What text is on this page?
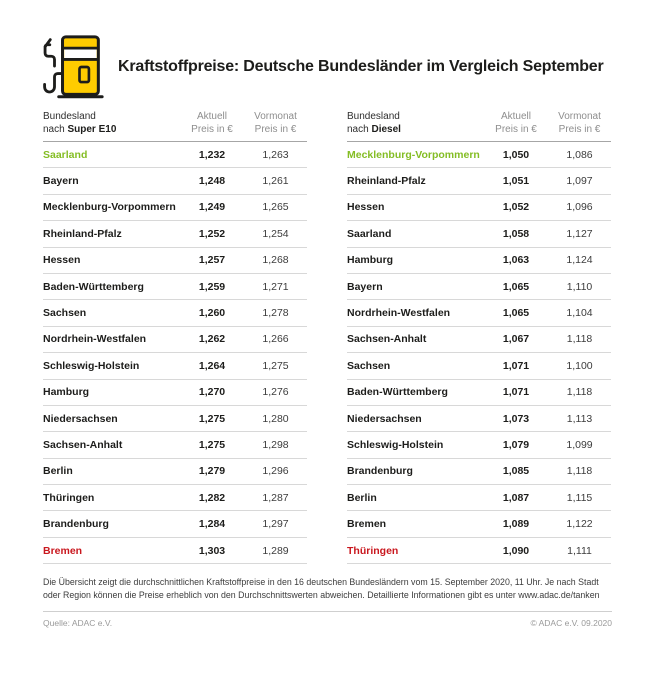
Kraftstoffpreise: Deutsche Bundesländer im Vergleich September
Bundesland
nach Super E10
Aktuell
Preis in €
Vormonat
Preis in €
Saarland	1,232	1,263
Bayern	1,248	1,261
Mecklenburg-Vorpommern	1,249	1,265
Rheinland-Pfalz	1,252	1,254
Hessen	1,257	1,268
Baden-Württemberg	1,259	1,271
Sachsen	1,260	1,278
Nordrhein-Westfalen	1,262	1,266
Schleswig-Holstein	1,264	1,275
Hamburg	1,270	1,276
Niedersachsen	1,275	1,280
Sachsen-Anhalt	1,275	1,298
Berlin	1,279	1,296
Thüringen	1,282	1,287
Brandenburg	1,284	1,297
Bremen	1,303	1,289
Bundesland
nach Diesel
Aktuell
Preis in €
Vormonat
Preis in €
Mecklenburg-Vorpommern	1,050	1,086
Rheinland-Pfalz	1,051	1,097
Hessen	1,052	1,096
Saarland	1,058	1,127
Hamburg	1,063	1,124
Bayern	1,065	1,110
Nordrhein-Westfalen	1,065	1,104
Sachsen-Anhalt	1,067	1,118
Sachsen	1,071	1,100
Baden-Württemberg	1,071	1,118
Niedersachsen	1,073	1,113
Schleswig-Holstein	1,079	1,099
Brandenburg	1,085	1,118
Berlin	1,087	1,115
Bremen	1,089	1,122
Thüringen	1,090	1,111
Die Übersicht zeigt die durchschnittlichen Kraftstoffpreise in den 16 deutschen Bundesländern vom 15. September 2020, 11 Uhr. Je nach Stadt oder Region können die Preise erheblich von den Durchschnittswerten abweichen. Detaillierte Informationen gibt es unter www.adac.de/tanken
Quelle: ADAC e.V.	© ADAC e.V. 09.2020
